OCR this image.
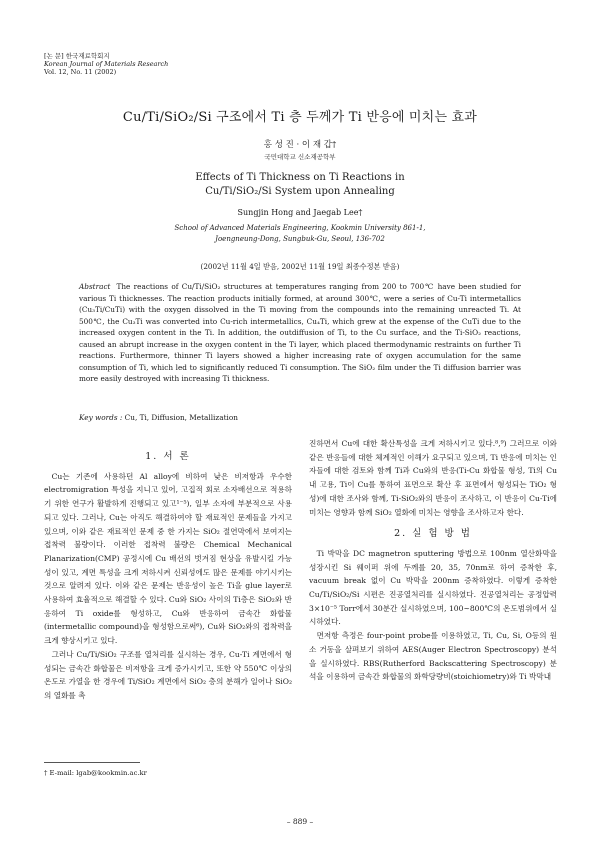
[논 문] 한국재료학회지
Korean Journal of Materials Research
Vol. 12, No. 11 (2002)
Cu/Ti/SiO₂/Si 구조에서 Ti 층 두께가 Ti 반응에 미치는 효과
홍 성 진 · 이 재 갑†
국민대학교 신소재공학부
Effects of Ti Thickness on Ti Reactions in
Cu/Ti/SiO₂/Si System upon Annealing
Sungjin Hong and Jaegab Lee†
School of Advanced Materials Engineering, Kookmin University 861-1,
Joengneung-Dong, Sungbuk-Gu, Seoul, 136-702
(2002년 11월 4일 받음, 2002년 11월 19일 최종수정본 받음)
Abstract The reactions of Cu/Ti/SiO₂ structures at temperatures ranging from 200 to 700℃ have been studied for various Ti thicknesses. The reaction products initially formed, at around 300℃, were a series of Cu-Ti intermetallics (Cu₃Ti/CuTi) with the oxygen dissolved in the Ti moving from the compounds into the remaining unreacted Ti. At 500℃, the Cu₃Ti was converted into Cu-rich intermetallics, Cu₄Ti, which grew at the expense of the CuTi due to the increased oxygen content in the Ti. In addition, the outdiffusion of Ti, to the Cu surface, and the Ti-SiO₂ reactions, caused an abrupt increase in the oxygen content in the Ti layer, which placed thermodynamic restraints on further Ti reactions. Furthermore, thinner Ti layers showed a higher increasing rate of oxygen accumulation for the same consumption of Ti, which led to significantly reduced Ti consumption. The SiO₂ film under the Ti diffusion barrier was more easily destroyed with increasing Ti thickness.
Key words : Cu, Ti, Diffusion, Metallization
1. 서 론

Cu는 기존에 사용하던 Al alloy에 비하여 낮은 비저항과 우수한 electromigration 특성을 지니고 있어, 고집적 회로 소자배선으로 적용하기 위한 연구가 활발하게 진행되고 있고¹⁻⁵), 일부 소자에 부분적으로 사용되고 있다. 그러나, Cu는 아직도 해결하여야 할 재료적인 문제들을 가지고 있으며, 이와 같은 재료적인 문제 중 한 가지는 SiO₂ 절연막에서 보여지는 접착력 불량이다. 이러한 접착력 불량은 Chemical Mechanical Planarization(CMP) 공정시에 Cu 배선의 벗겨짐 현상을 유발시킬 가능성이 있고, 계면 특성을 크게 저하시켜 신뢰성에도 많은 문제를 야기시키는 것으로 알려져 있다. 이와 같은 문제는 반응성이 높은 Ti을 glue layer로 사용하여 효율적으로 해결할 수 있다. Cu와 SiO₂ 사이의 Ti층은 SiO₂와 반응하여 Ti oxide를 형성하고, Cu와 반응하여 금속간 화합물(intermetallic compound)을 형성함으로써⁶), Cu와 SiO₂와의 접착력을 크게 향상시키고 있다.

그러나 Cu/Ti/SiO₂ 구조를 열처리를 실시하는 경우, Cu-Ti 계면에서 형성되는 금속간 화합물은 비저항을 크게 증가시키고, 또한 약 550℃ 이상의 온도로 가열을 한 경우에 Ti/SiO₂ 계면에서 SiO₂ 층의 분해가 일어나 SiO₂의 열화를 촉

진하면서 Cu에 대한 확산특성을 크게 저하시키고 있다.⁸,⁹) 그러므로 이와 같은 반응들에 대한 체계적인 이해가 요구되고 있으며, Ti 반응에 미치는 인자들에 대한 검토와 함께 Ti과 Cu와의 반응(Ti-Cu 화합물 형성, Ti의 Cu내 고용, Ti이 Cu를 통하여 표면으로 확산 후 표면에서 형성되는 TiO₂ 형성)에 대한 조사와 함께, Ti-SiO₂와의 반응이 조사하고, 이 반응이 Cu-Ti에 미치는 영향과 함께 SiO₂ 열화에 미치는 영향을 조사하고자 한다.

2. 실 험 방 법

Ti 박막을 DC magnetron sputtering 방법으로 100nm 열산화막을 성장시킨 Si 웨이퍼 위에 두께를 20, 35, 70nm로 하여 증착한 후, vacuum break 없이 Cu 박막을 200nm 증착하였다. 이렇게 증착한 Cu/Ti/SiO₂/Si 시편은 진공열처리를 실시하였다. 진공열처리는 공정압력 3×10⁻⁵ Torr에서 30분간 실시하였으며, 100~800℃의 온도범위에서 실시하였다.

면저항 측정은 four-point probe를 이용하였고, Ti, Cu, Si, O등의 원소 거동을 살펴보기 위하여 AES(Auger Electron Spectroscopy) 분석을 실시하였다. RBS(Rutherford Backscattering Spectroscopy) 분석을 이용하여 금속간 화합물의 화학당량비(stoichiometry)와 Ti 박막내

† E-mail: lgab@kookmin.ac.kr
– 889 –
